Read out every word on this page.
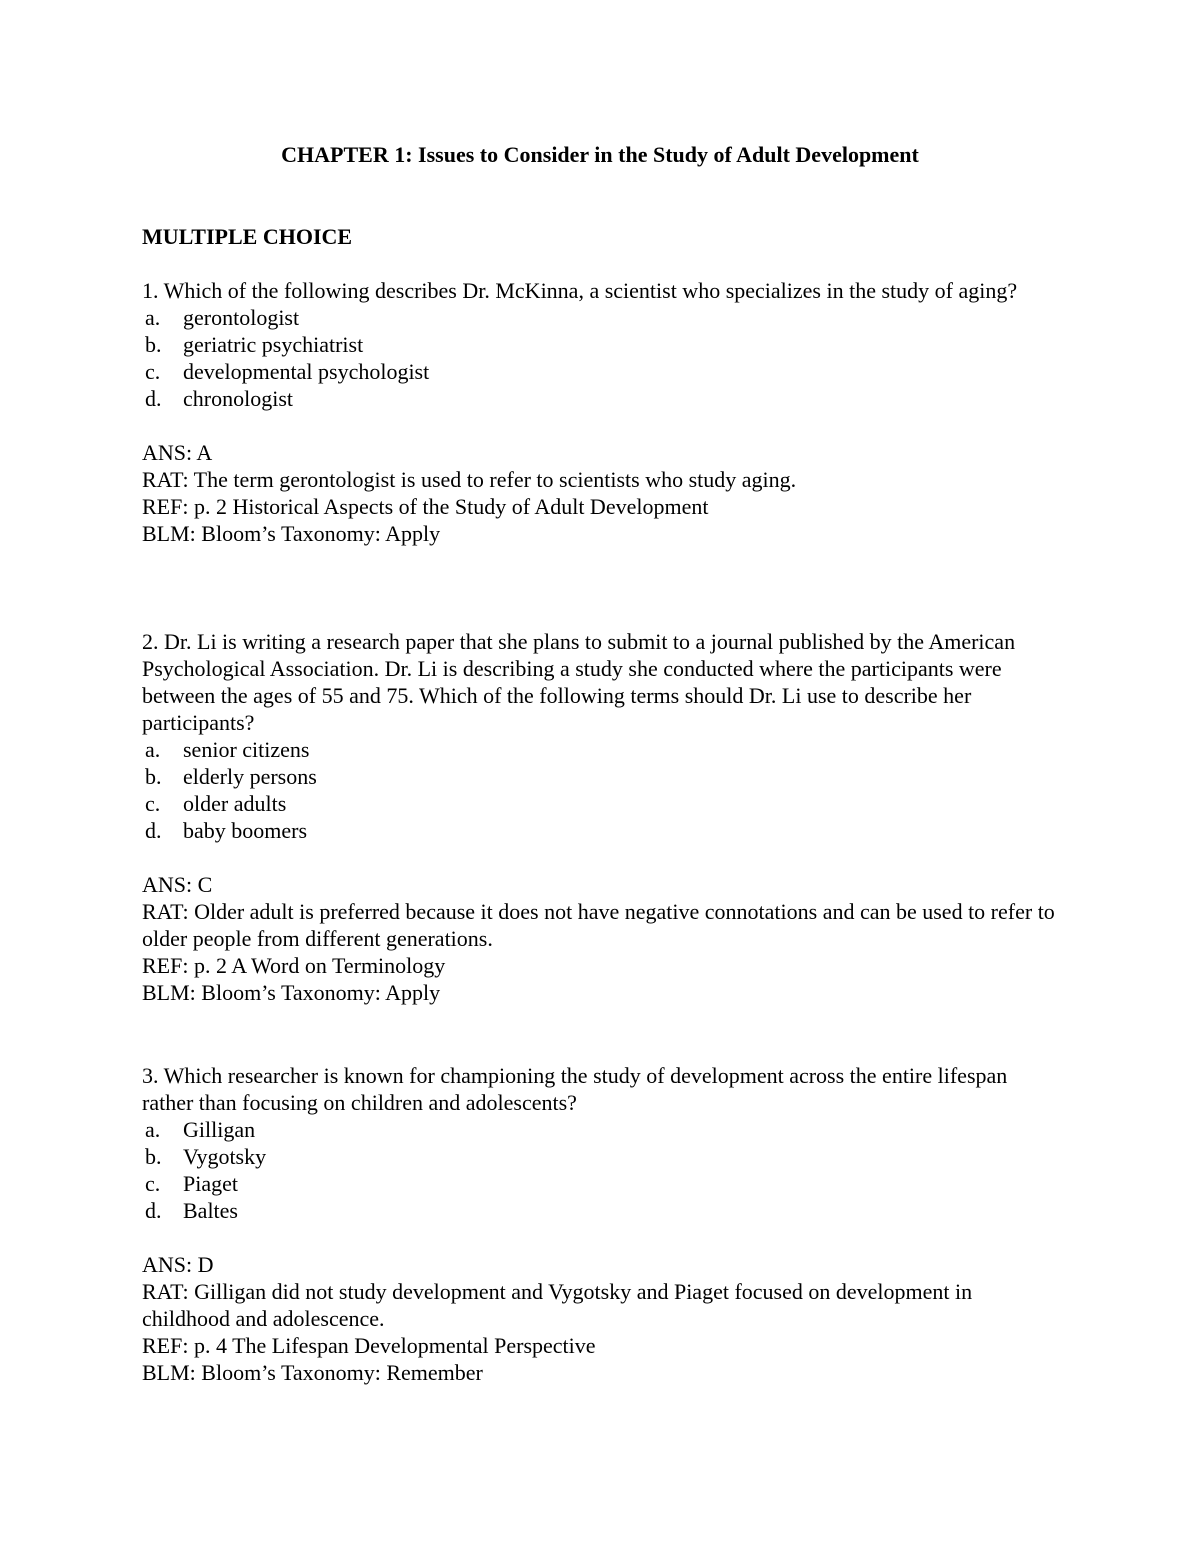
CHAPTER 1: Issues to Consider in the Study of Adult Development
MULTIPLE CHOICE

1. Which of the following describes Dr. McKinna, a scientist who specializes in the study of aging?

a.	gerontologist
b. geriatric psychiatrist
c.	developmental psychologist
d. chronologist

ANS: A

RAT: The term gerontologist is used to refer to scientists who study aging.

REF: p. 2 Historical Aspects of the Study of Adult Development

BLM: Bloom’s Taxonomy: Apply

2. Dr. Li is writing a research paper that she plans to submit to a journal published by the American Psychological Association. Dr. Li is describing a study she conducted where the participants were between the ages of 55 and 75. Which of the following terms should Dr. Li use to describe her participants?

a.	senior citizens
b. elderly persons
c.	older adults
d. baby boomers

ANS: C

RAT: Older adult is preferred because it does not have negative connotations and can be used to refer to older people from different generations.

REF: p. 2 A Word on Terminology

BLM: Bloom’s Taxonomy: Apply

3. Which researcher is known for championing the study of development across the entire lifespan rather than focusing on children and adolescents?

a.	Gilligan
b. Vygotsky
c.	Piaget
d. Baltes

ANS: D

RAT: Gilligan did not study development and Vygotsky and Piaget focused on development in childhood and adolescence.

REF: p. 4 The Lifespan Developmental Perspective

BLM: Bloom’s Taxonomy: Remember
